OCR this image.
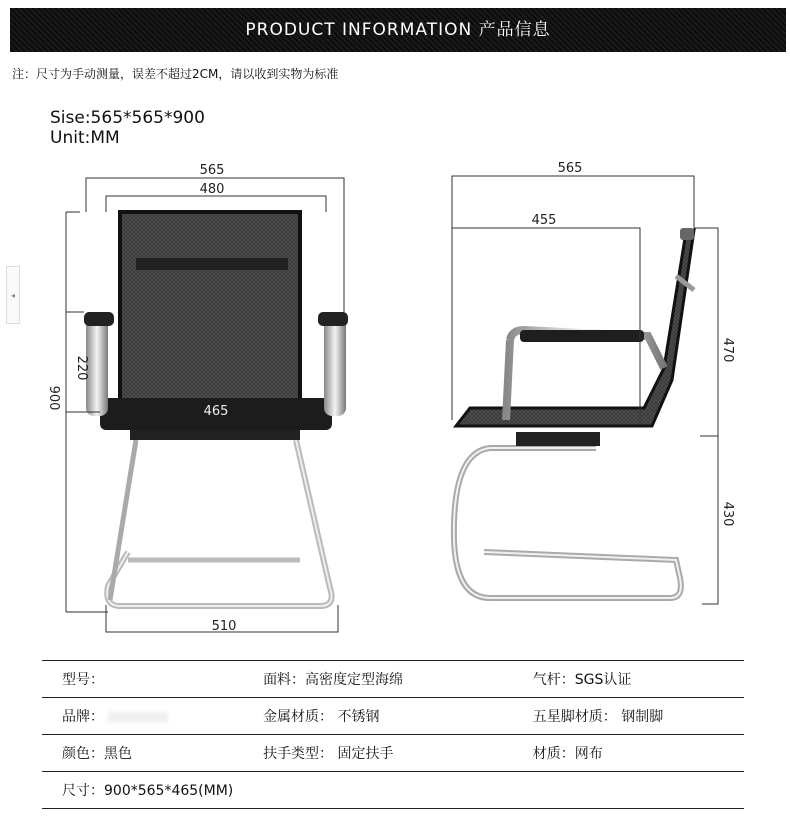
PRODUCT INFORMATION 产品信息
注：尺寸为手动测量，误差不超过2CM，请以收到实物为标准
Sise:565*565*900
Unit:MM
◂
565
480
465
510
220
900
565
455
470
430
型号：	面料：高密度定型海绵	气杆：SGS认证
品牌：	金属材质： 不锈钢	五星脚材质： 钢制脚
颜色：黑色	扶手类型： 固定扶手	材质：网布
尺寸：900*565*465(MM)		
